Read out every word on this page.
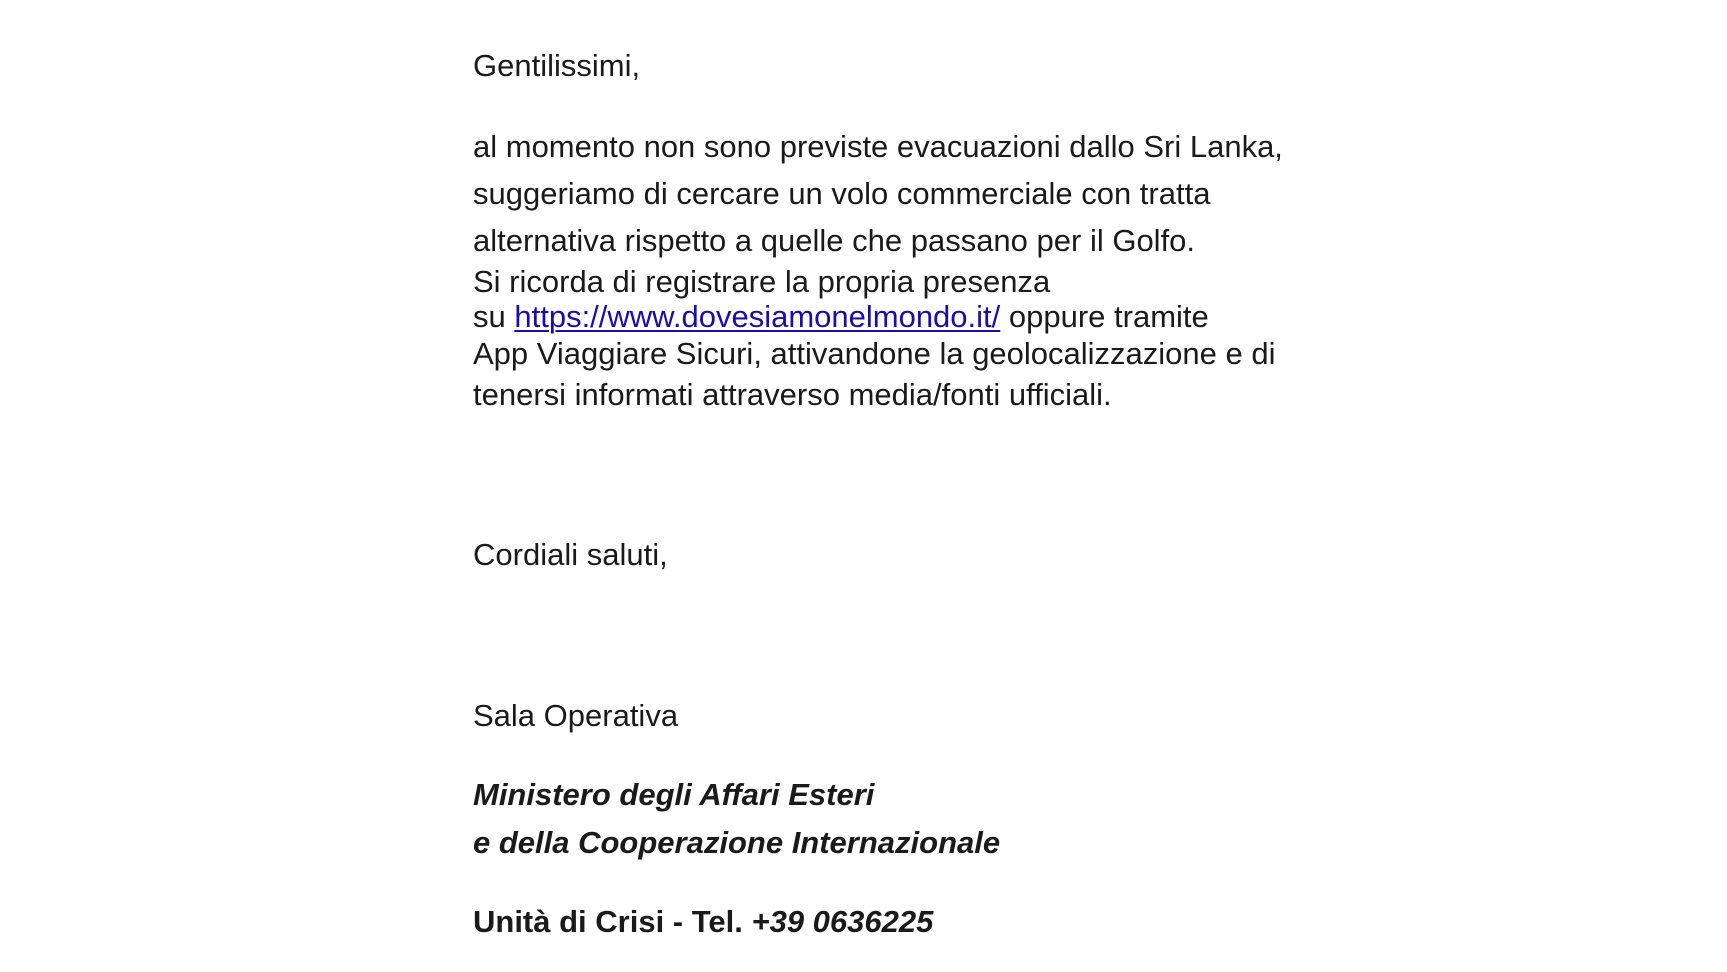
Gentilissimi,
al momento non sono previste evacuazioni dallo Sri Lanka,
suggeriamo di cercare un volo commerciale con tratta
alternativa rispetto a quelle che passano per il Golfo.
Si ricorda di registrare la propria presenza
su https://www.dovesiamonelmondo.it/ oppure tramite
App Viaggiare Sicuri, attivandone la geolocalizzazione e di
tenersi informati attraverso media/fonti ufficiali.
Cordiali saluti,
Sala Operativa
Ministero degli Affari Esteri
e della Cooperazione Internazionale
Unità di Crisi - Tel. +39 0636225
